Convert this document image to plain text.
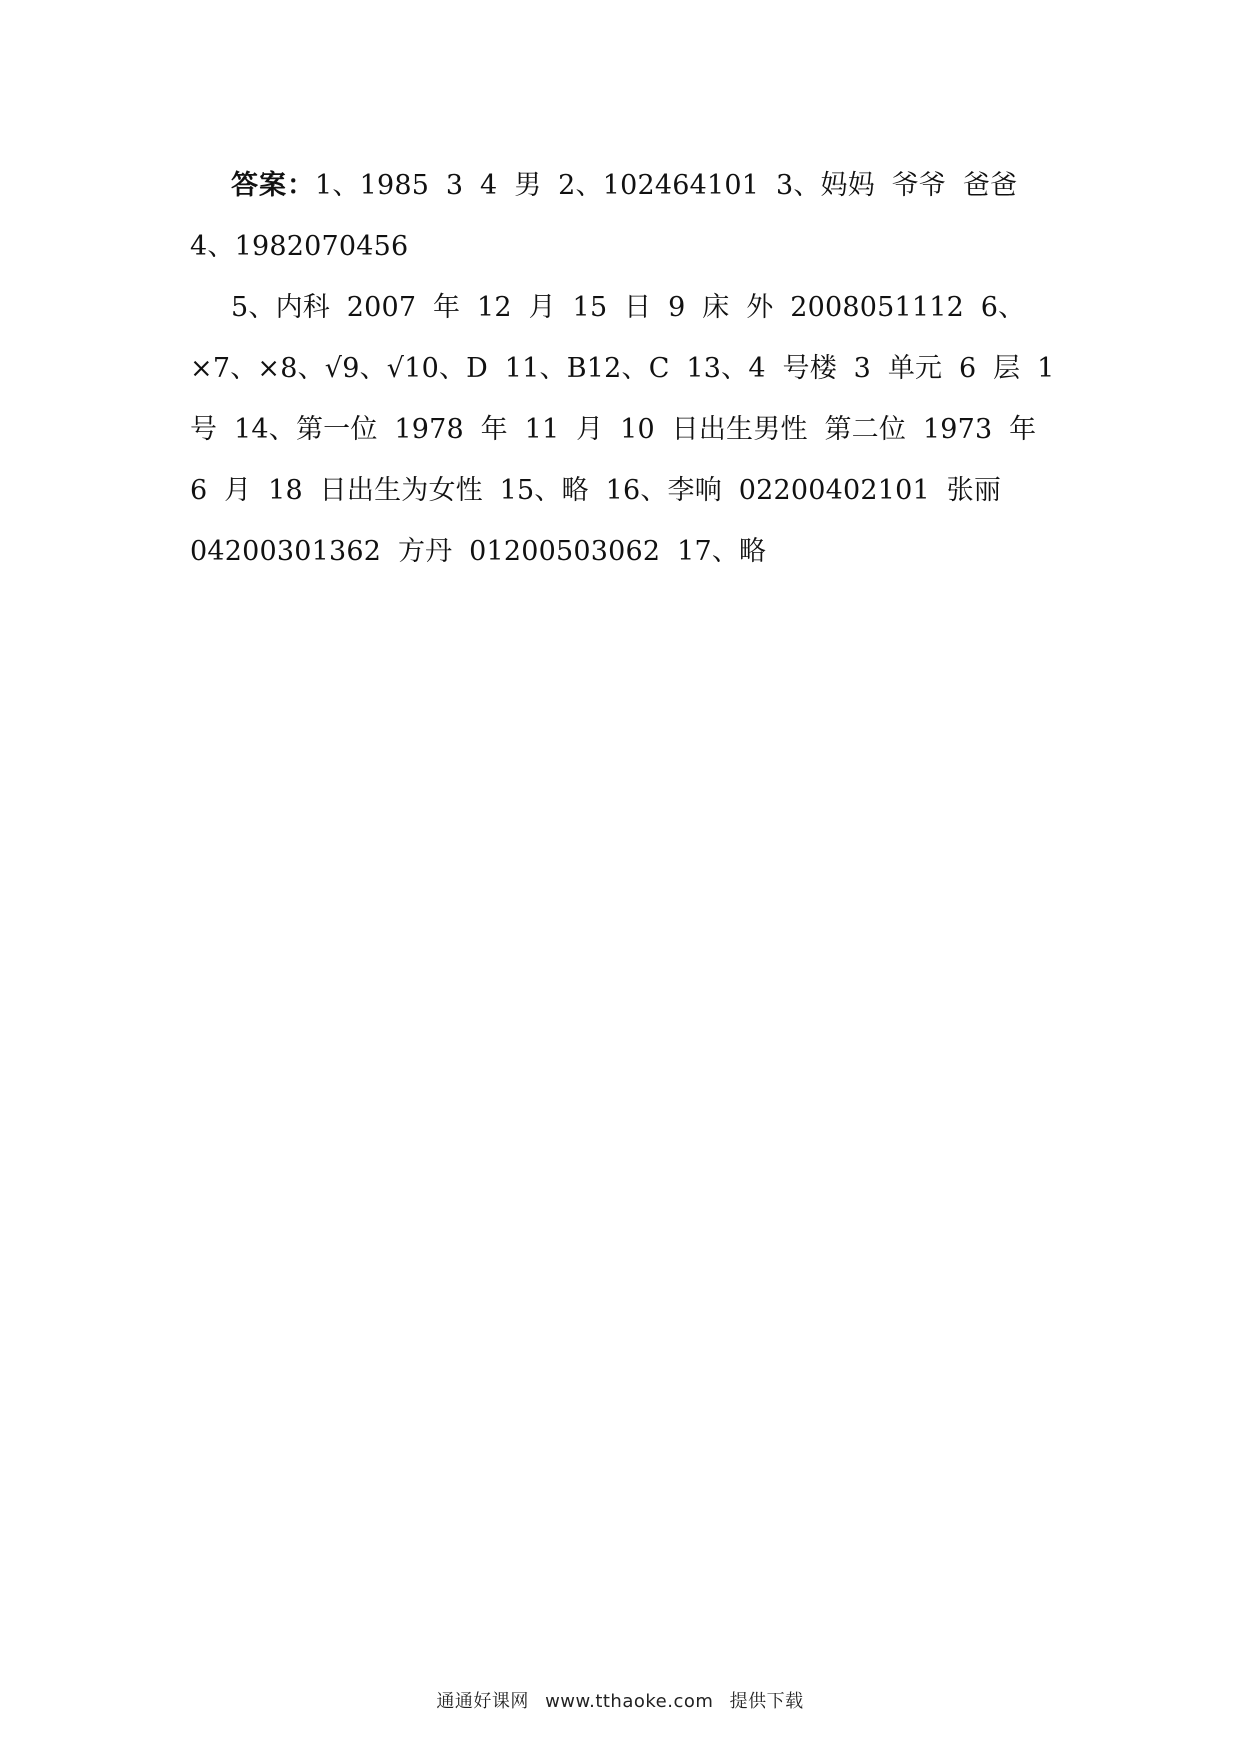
答案：1、1985 3 4 男 2、102464101 3、妈妈 爷爷 爸爸 4、1982070456

5、内科 2007 年 12 月 15 日 9 床 外 2008051112 6、×7、×8、√9、√10、D 11、B12、C 13、4 号楼 3 单元 6 层 1 号 14、第一位 1978 年 11 月 10 日出生男性 第二位 1973 年 6 月 18 日出生为女性 15、略 16、李响 02200402101 张丽 04200301362 方丹 01200503062 17、略

通通好课网 www.tthaoke.com 提供下载
